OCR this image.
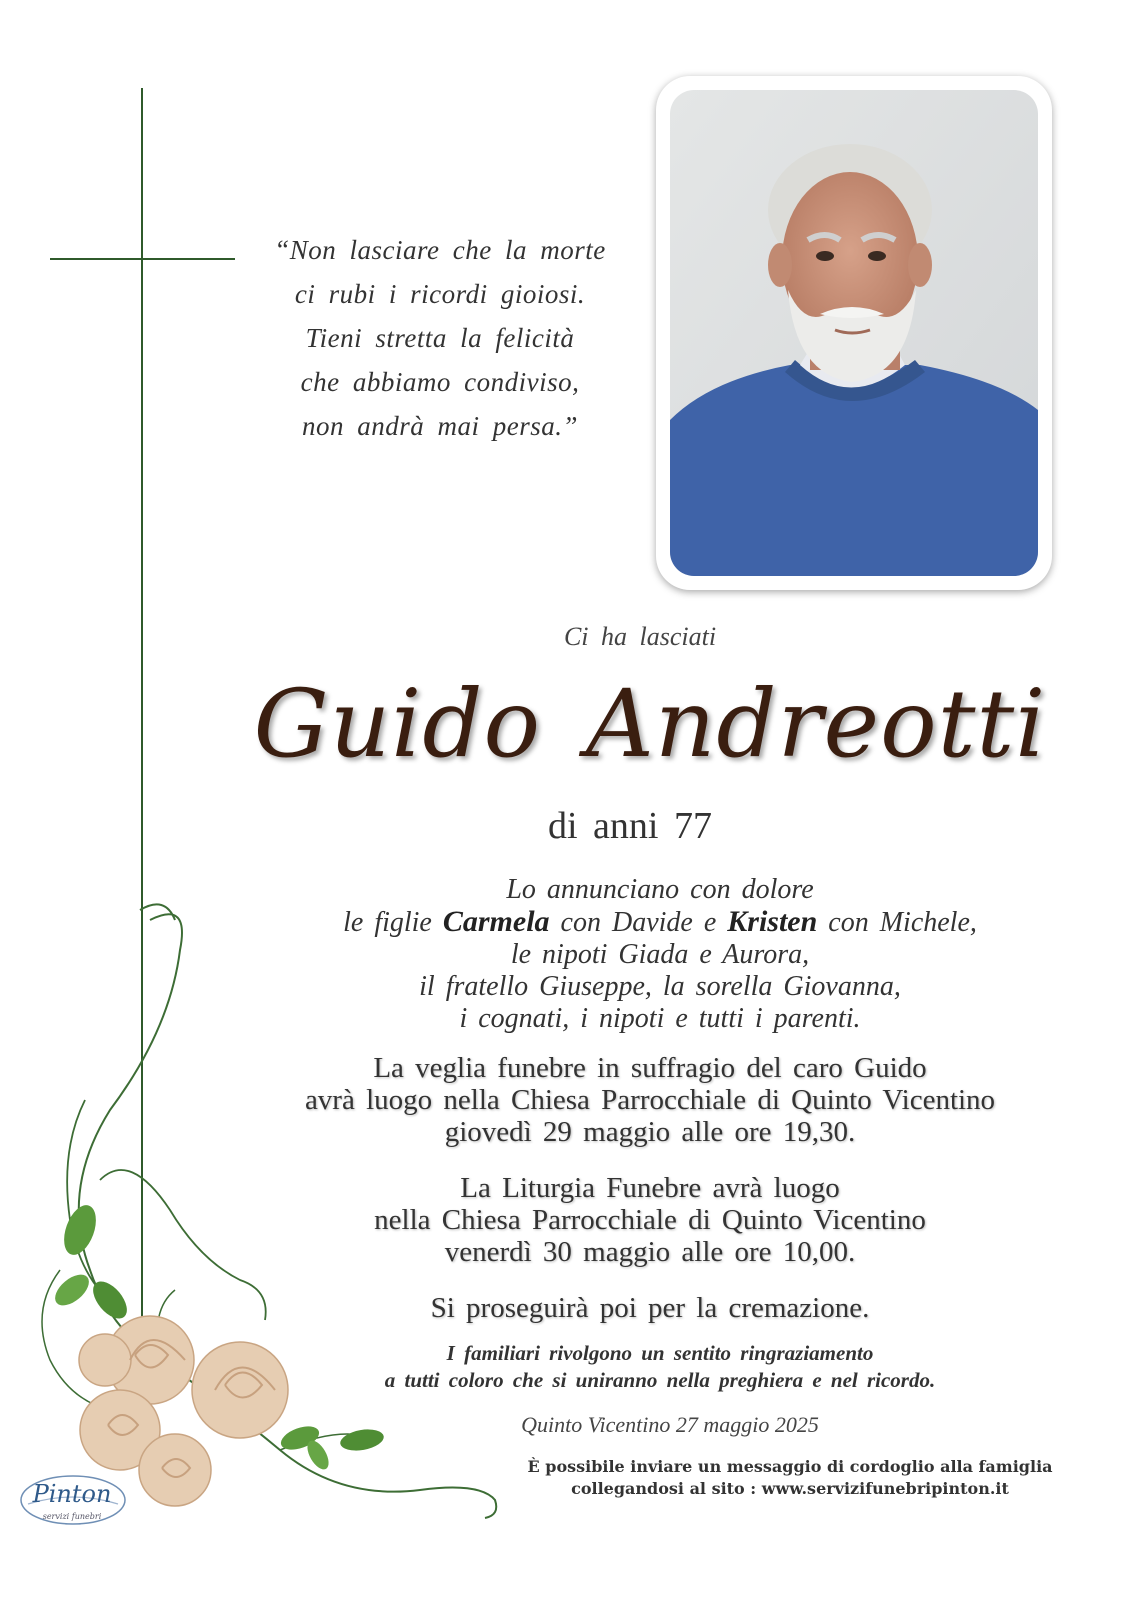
“Non lasciare che la morte
ci rubi i ricordi gioiosi.
Tieni stretta la felicità
che abbiamo condiviso,
non andrà mai persa.”
Ci ha lasciati
Guido Andreotti
di anni 77
Lo annunciano con dolore
le figlie Carmela con Davide e Kristen con Michele,
le nipoti Giada e Aurora,
il fratello Giuseppe, la sorella Giovanna,
i cognati, i nipoti e tutti i parenti.
La veglia funebre in suffragio del caro Guido
avrà luogo nella Chiesa Parrocchiale di Quinto Vicentino
giovedì 29 maggio alle ore 19,30.
La Liturgia Funebre avrà luogo
nella Chiesa Parrocchiale di Quinto Vicentino
venerdì 30 maggio alle ore 10,00.
Si proseguirà poi per la cremazione.
I familiari rivolgono un sentito ringraziamento
a tutti coloro che si uniranno nella preghiera e nel ricordo.
Quinto Vicentino 27 maggio 2025
È possibile inviare un messaggio di cordoglio alla famiglia
collegandosi al sito : www.servizifunebripinton.it
Pinton
servizi funebri
